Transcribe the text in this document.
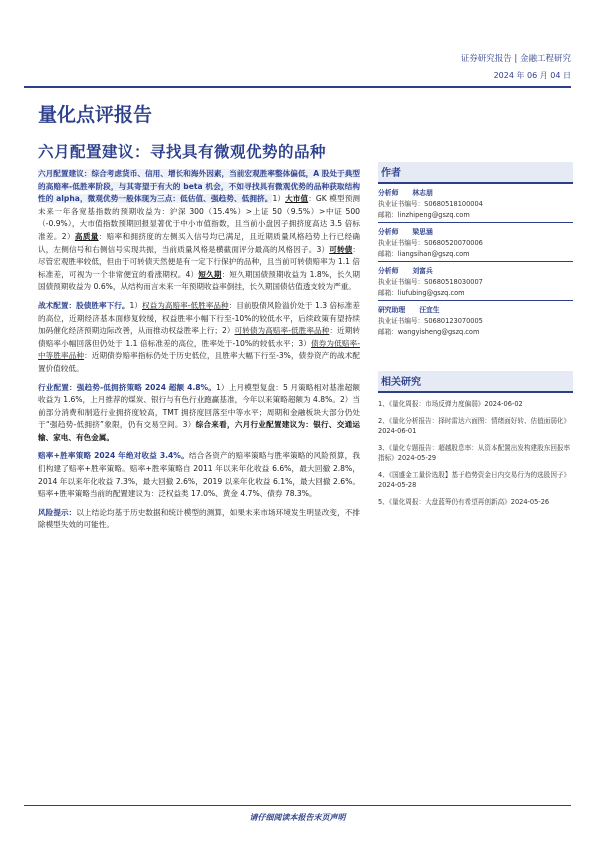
证券研究报告 | 金融工程研究
2024 年 06 月 04 日
量化点评报告
六月配置建议：寻找具有微观优势的品种

六月配置建议：综合考虑货币、信用、增长和海外因素，当前宏观胜率整体偏低，A 股处于典型的高赔率-低胜率阶段，与其寄望于有大的 beta 机会，不如寻找具有微观优势的品种获取结构性的 alpha，微观优势一般体现为三点：低估值、强趋势、低拥挤。1）大市值：GK 模型预测未来一年各宽基指数的预期收益为：沪深 300（15.4%）>上证 50（9.5%）>中证 500（-0.9%），大市值指数预期回报显著优于中小市值指数，且当前小盘因子拥挤度高达 3.5 倍标准差。2）高质量：赔率和拥挤度的左侧买入信号均已满足，且近期质量风格趋势上行已经确认，左侧信号和右侧信号实现共振，当前质量风格是横截面评分最高的风格因子。3）可转债：尽管宏观胜率较低，但由于可转债天然便是有一定下行保护的品种，且当前可转债赔率为 1.1 倍标准差，可视为一个非常便宜的看涨期权。4）短久期：短久期国债预期收益为 1.8%，长久期国债预期收益为 0.6%，从结构而言未来一年预期收益率倒挂，长久期国债估值透支较为严重。

战术配置：股债胜率下行。1）权益为高赔率-低胜率品种：目前股债风险溢价处于 1.3 倍标准差的高位，近期经济基本面修复较缓，权益胜率小幅下行至-10%的较低水平，后续政策有望持续加码催化经济预期边际改善，从而推动权益胜率上行；2）可转债为高赔率-低胜率品种：近期转债赔率小幅回落但仍处于 1.1 倍标准差的高位，胜率处于-10%的较低水平；3）债券为低赔率-中等胜率品种：近期债券赔率指标仍处于历史低位，且胜率大幅下行至-3%，债券资产的战术配置价值较低。

行业配置：强趋势-低拥挤策略 2024 超额 4.8%。1）上月模型复盘：5 月策略相对基准超额收益为 1.6%，上月推荐的煤炭、银行与有色行业跑赢基准，今年以来策略超额为 4.8%。2）当前部分消费和制造行业拥挤度较高，TMT 拥挤度回落至中等水平；周期和金融板块大部分仍处于“强趋势-低拥挤”象限，仍有交易空间。3）综合来看，六月行业配置建议为：银行、交通运输、家电、有色金属。

赔率+胜率策略 2024 年绝对收益 3.4%。结合各资产的赔率策略与胜率策略的风险预算，我们构建了赔率+胜率策略。赔率+胜率策略自 2011 年以来年化收益 6.6%，最大回撤 2.8%，2014 年以来年化收益 7.3%，最大回撤 2.6%，2019 以来年化收益 6.1%，最大回撤 2.6%。赔率+胜率策略当前的配置建议为：泛权益类 17.0%、黄金 4.7%、债券 78.3%。

风险提示：以上结论均基于历史数据和统计模型的测算，如果未来市场环境发生明显改变，不排除模型失效的可能性。

作者
分析师 林志朋
执业证书编号：S0680518100004
邮箱：linzhipeng@gszq.com
分析师 梁思涵
执业证书编号：S0680520070006
邮箱：liangsihan@gszq.com
分析师 刘富兵
执业证书编号：S0680518030007
邮箱：liufubing@gszq.com
研究助理 汪宜生
执业证书编号：S0680123070005
邮箱：wangyisheng@gszq.com
相关研究
1、《量化周报：市场反弹力度偏弱》2024-06-02
2、《量化分析报告：择时雷达六面图：情绪面好转、估值面弱化》2024-06-01
3、《量化专题报告：超越股息率：从资本配置出发构建股东回报率指标》2024-05-29
4、《国盛金工量价选股】基于趋势资金日内交易行为的选股因子》2024-05-28
5、《量化周报：大盘蓝筹仍有希望再创新高》2024-05-26
请仔细阅读本报告末页声明
